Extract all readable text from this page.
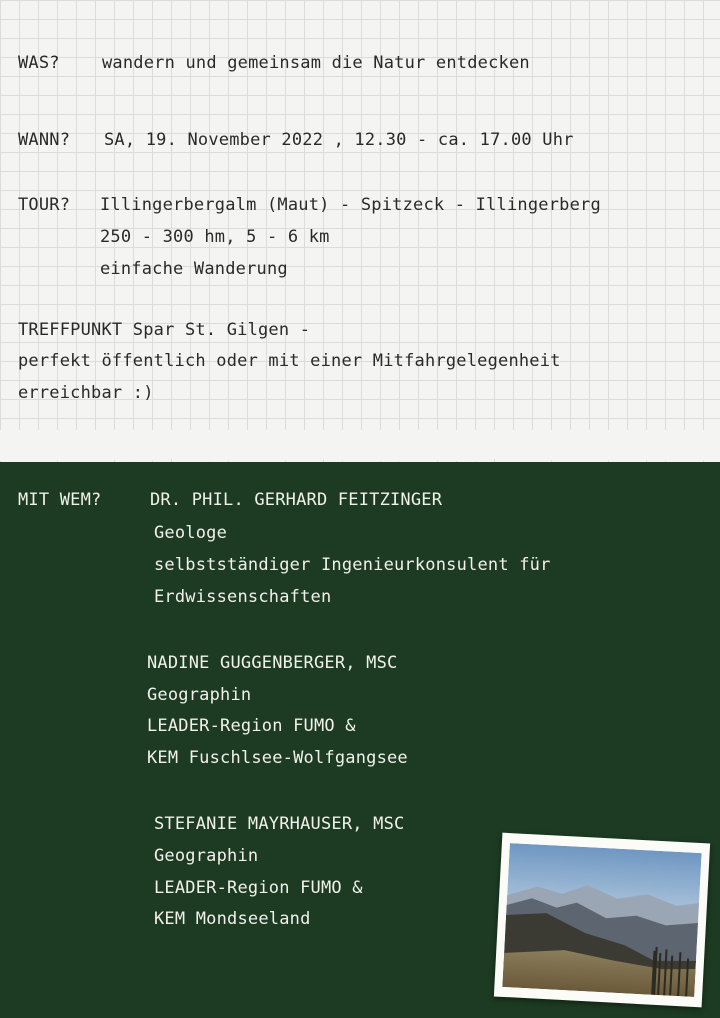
WAS? wandern und gemeinsam die Natur entdecken
WANN? SA, 19. November 2022 , 12.30 - ca. 17.00 Uhr
TOUR? Illingerbergalm (Maut) - Spitzeck - Illingerberg
250 - 300 hm, 5 - 6 km
einfache Wanderung
TREFFPUNKT Spar St. Gilgen -
perfekt öffentlich oder mit einer Mitfahrgelegenheit
erreichbar :)
MIT WEM?	DR. PHIL. GERHARD FEITZINGER
Geologe
selbstständiger Ingenieurkonsulent für
Erdwissenschaften
NADINE GUGGENBERGER, MSC
Geographin
LEADER-Region FUMO &
KEM Fuschlsee-Wolfgangsee
STEFANIE MAYRHAUSER, MSC
Geographin
LEADER-Region FUMO &
KEM Mondseeland
